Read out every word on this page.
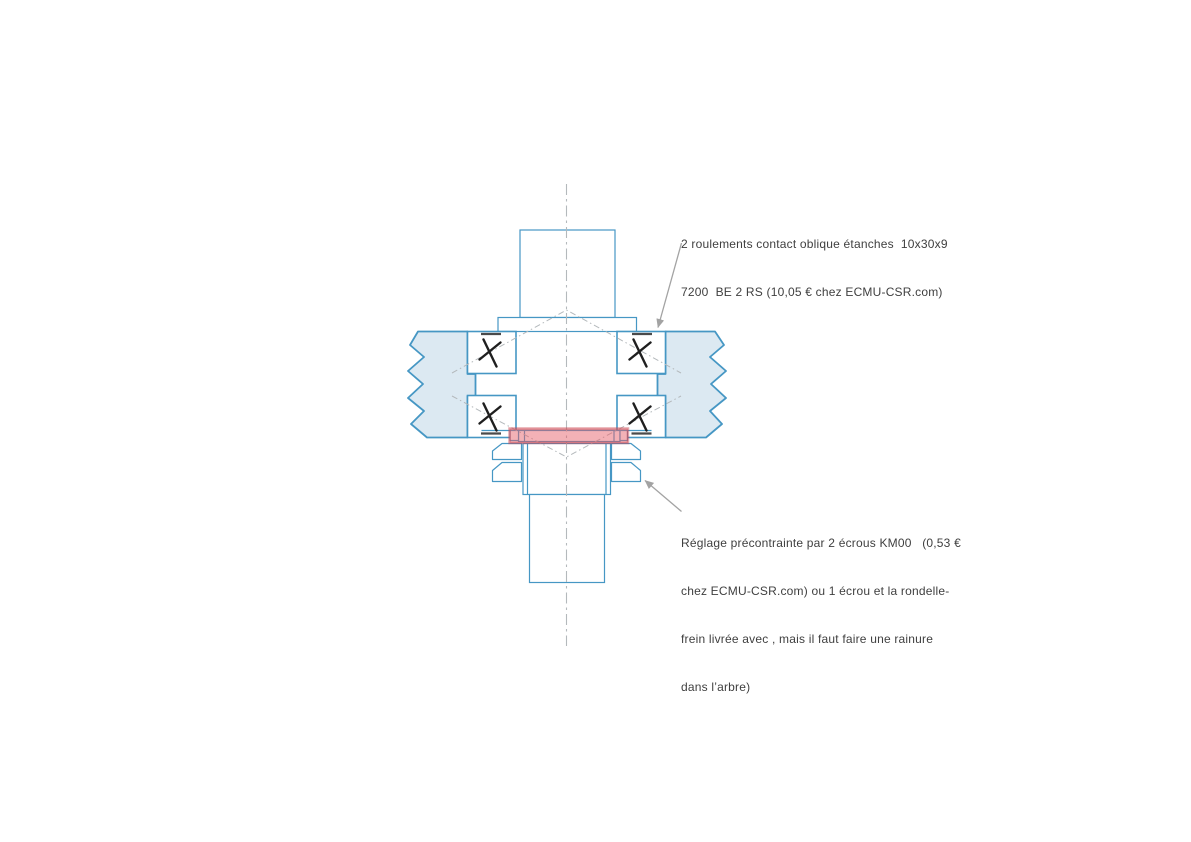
2 roulements contact oblique étanches  10x30x9

7200  BE 2 RS (10,05 € chez ECMU-CSR.com)

Réglage précontrainte par 2 écrous KM00   (0,53 €

chez ECMU-CSR.com) ou 1 écrou et la rondelle-

frein livrée avec , mais il faut faire une rainure

dans l’arbre)
